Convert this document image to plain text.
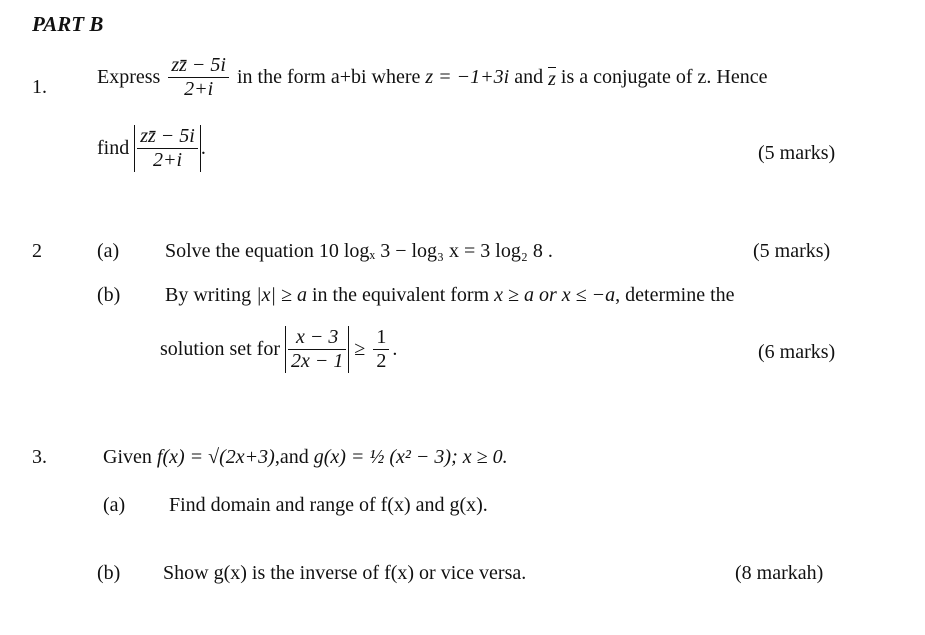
PART B
1.	Express $\frac{zz̄ - 5i}{2+i}$ in the form a+bi where z = −1+3i and z is a conjugate of z. Hence
find $\frac{zz̄ - 5i}{2+i}$ .	(5 marks)
2	(a) Solve the equation 10 logₓ 3 − log₃ x = 3 log₂ 8 .	(5 marks)
(b) By writing |x| ≥ a in the equivalent form x ≥ a or x ≤ −a, determine the
solution set for $\frac{x - 3}{2x - 1} \ge \frac{1}{2}$ .	(6 marks)
3.	Given f(x) = √(2x+3),and g(x) = ½ (x² − 3); x ≥ 0.
(a) Find domain and range of f(x) and g(x).
(b) Show g(x) is the inverse of f(x) or vice versa.	(8 markah)
